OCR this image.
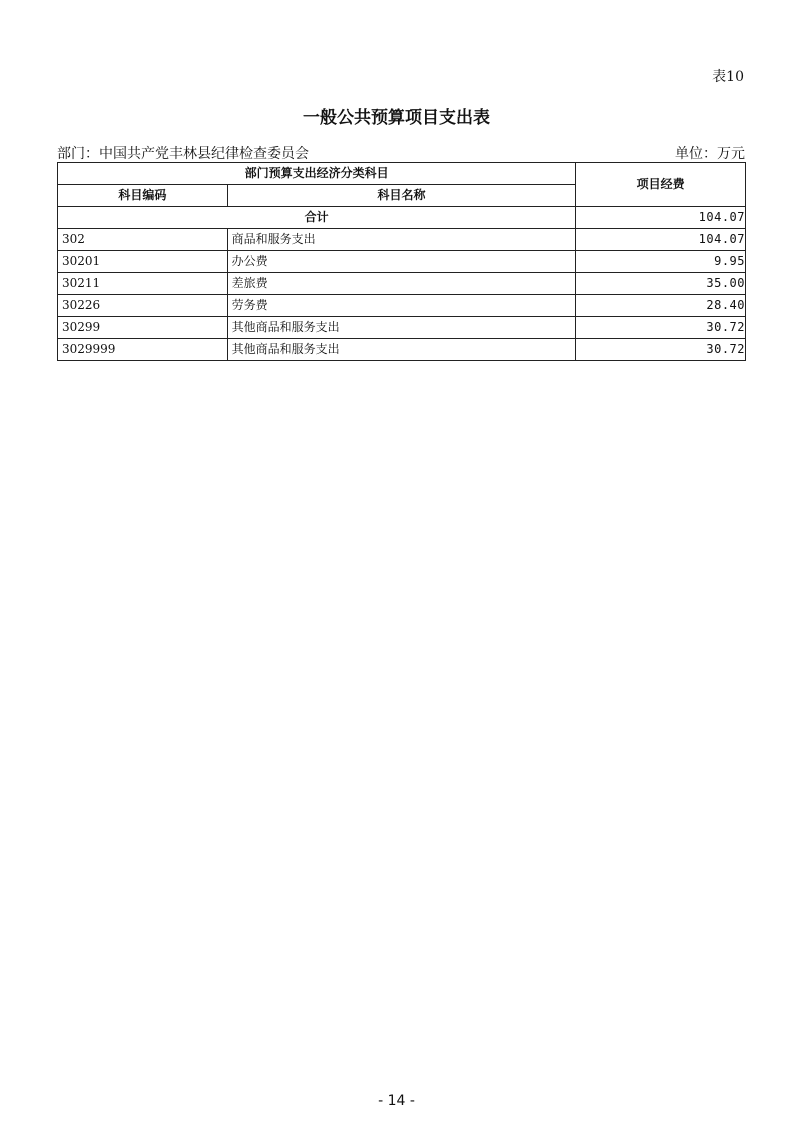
表10
一般公共预算项目支出表
部门：中国共产党丰林县纪律检查委员会	单位：万元
部门预算支出经济分类科目		项目经费
科目编码	科目名称	
合计		104.07
302	商品和服务支出	104.07
30201	办公费	9.95
30211	差旅费	35.00
30226	劳务费	28.40
30299	其他商品和服务支出	30.72
3029999	其他商品和服务支出	30.72
- 14 -
